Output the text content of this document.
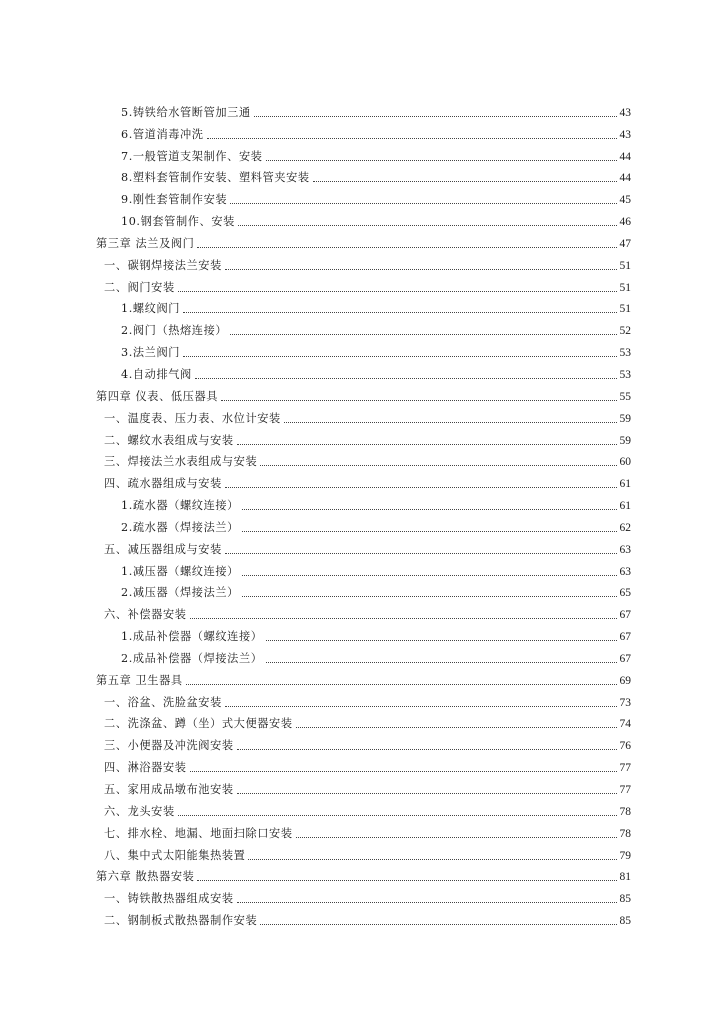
5.铸铁给水管断管加三通	43
6.管道消毒冲洗	43
7.一般管道支架制作、安装	44
8.塑料套管制作安装、塑料管夹安装	44
9.刚性套管制作安装	45
10.钢套管制作、安装	46
第三章 法兰及阀门	47
一、碳钢焊接法兰安装	51
二、阀门安装	51
1.螺纹阀门	51
2.阀门（热熔连接）	52
3.法兰阀门	53
4.自动排气阀	53
第四章 仪表、低压器具	55
一、温度表、压力表、水位计安装	59
二、螺纹水表组成与安装	59
三、焊接法兰水表组成与安装	60
四、疏水器组成与安装	61
1.疏水器（螺纹连接）	61
2.疏水器（焊接法兰）	62
五、减压器组成与安装	63
1.减压器（螺纹连接）	63
2.减压器（焊接法兰）	65
六、补偿器安装	67
1.成品补偿器（螺纹连接）	67
2.成品补偿器（焊接法兰）	67
第五章 卫生器具	69
一、浴盆、洗脸盆安装	73
二、洗涤盆、蹲（坐）式大便器安装	74
三、小便器及冲洗阀安装	76
四、淋浴器安装	77
五、家用成品墩布池安装	77
六、龙头安装	78
七、排水栓、地漏、地面扫除口安装	78
八、集中式太阳能集热装置	79
第六章 散热器安装	81
一、铸铁散热器组成安装	85
二、钢制板式散热器制作安装	85
